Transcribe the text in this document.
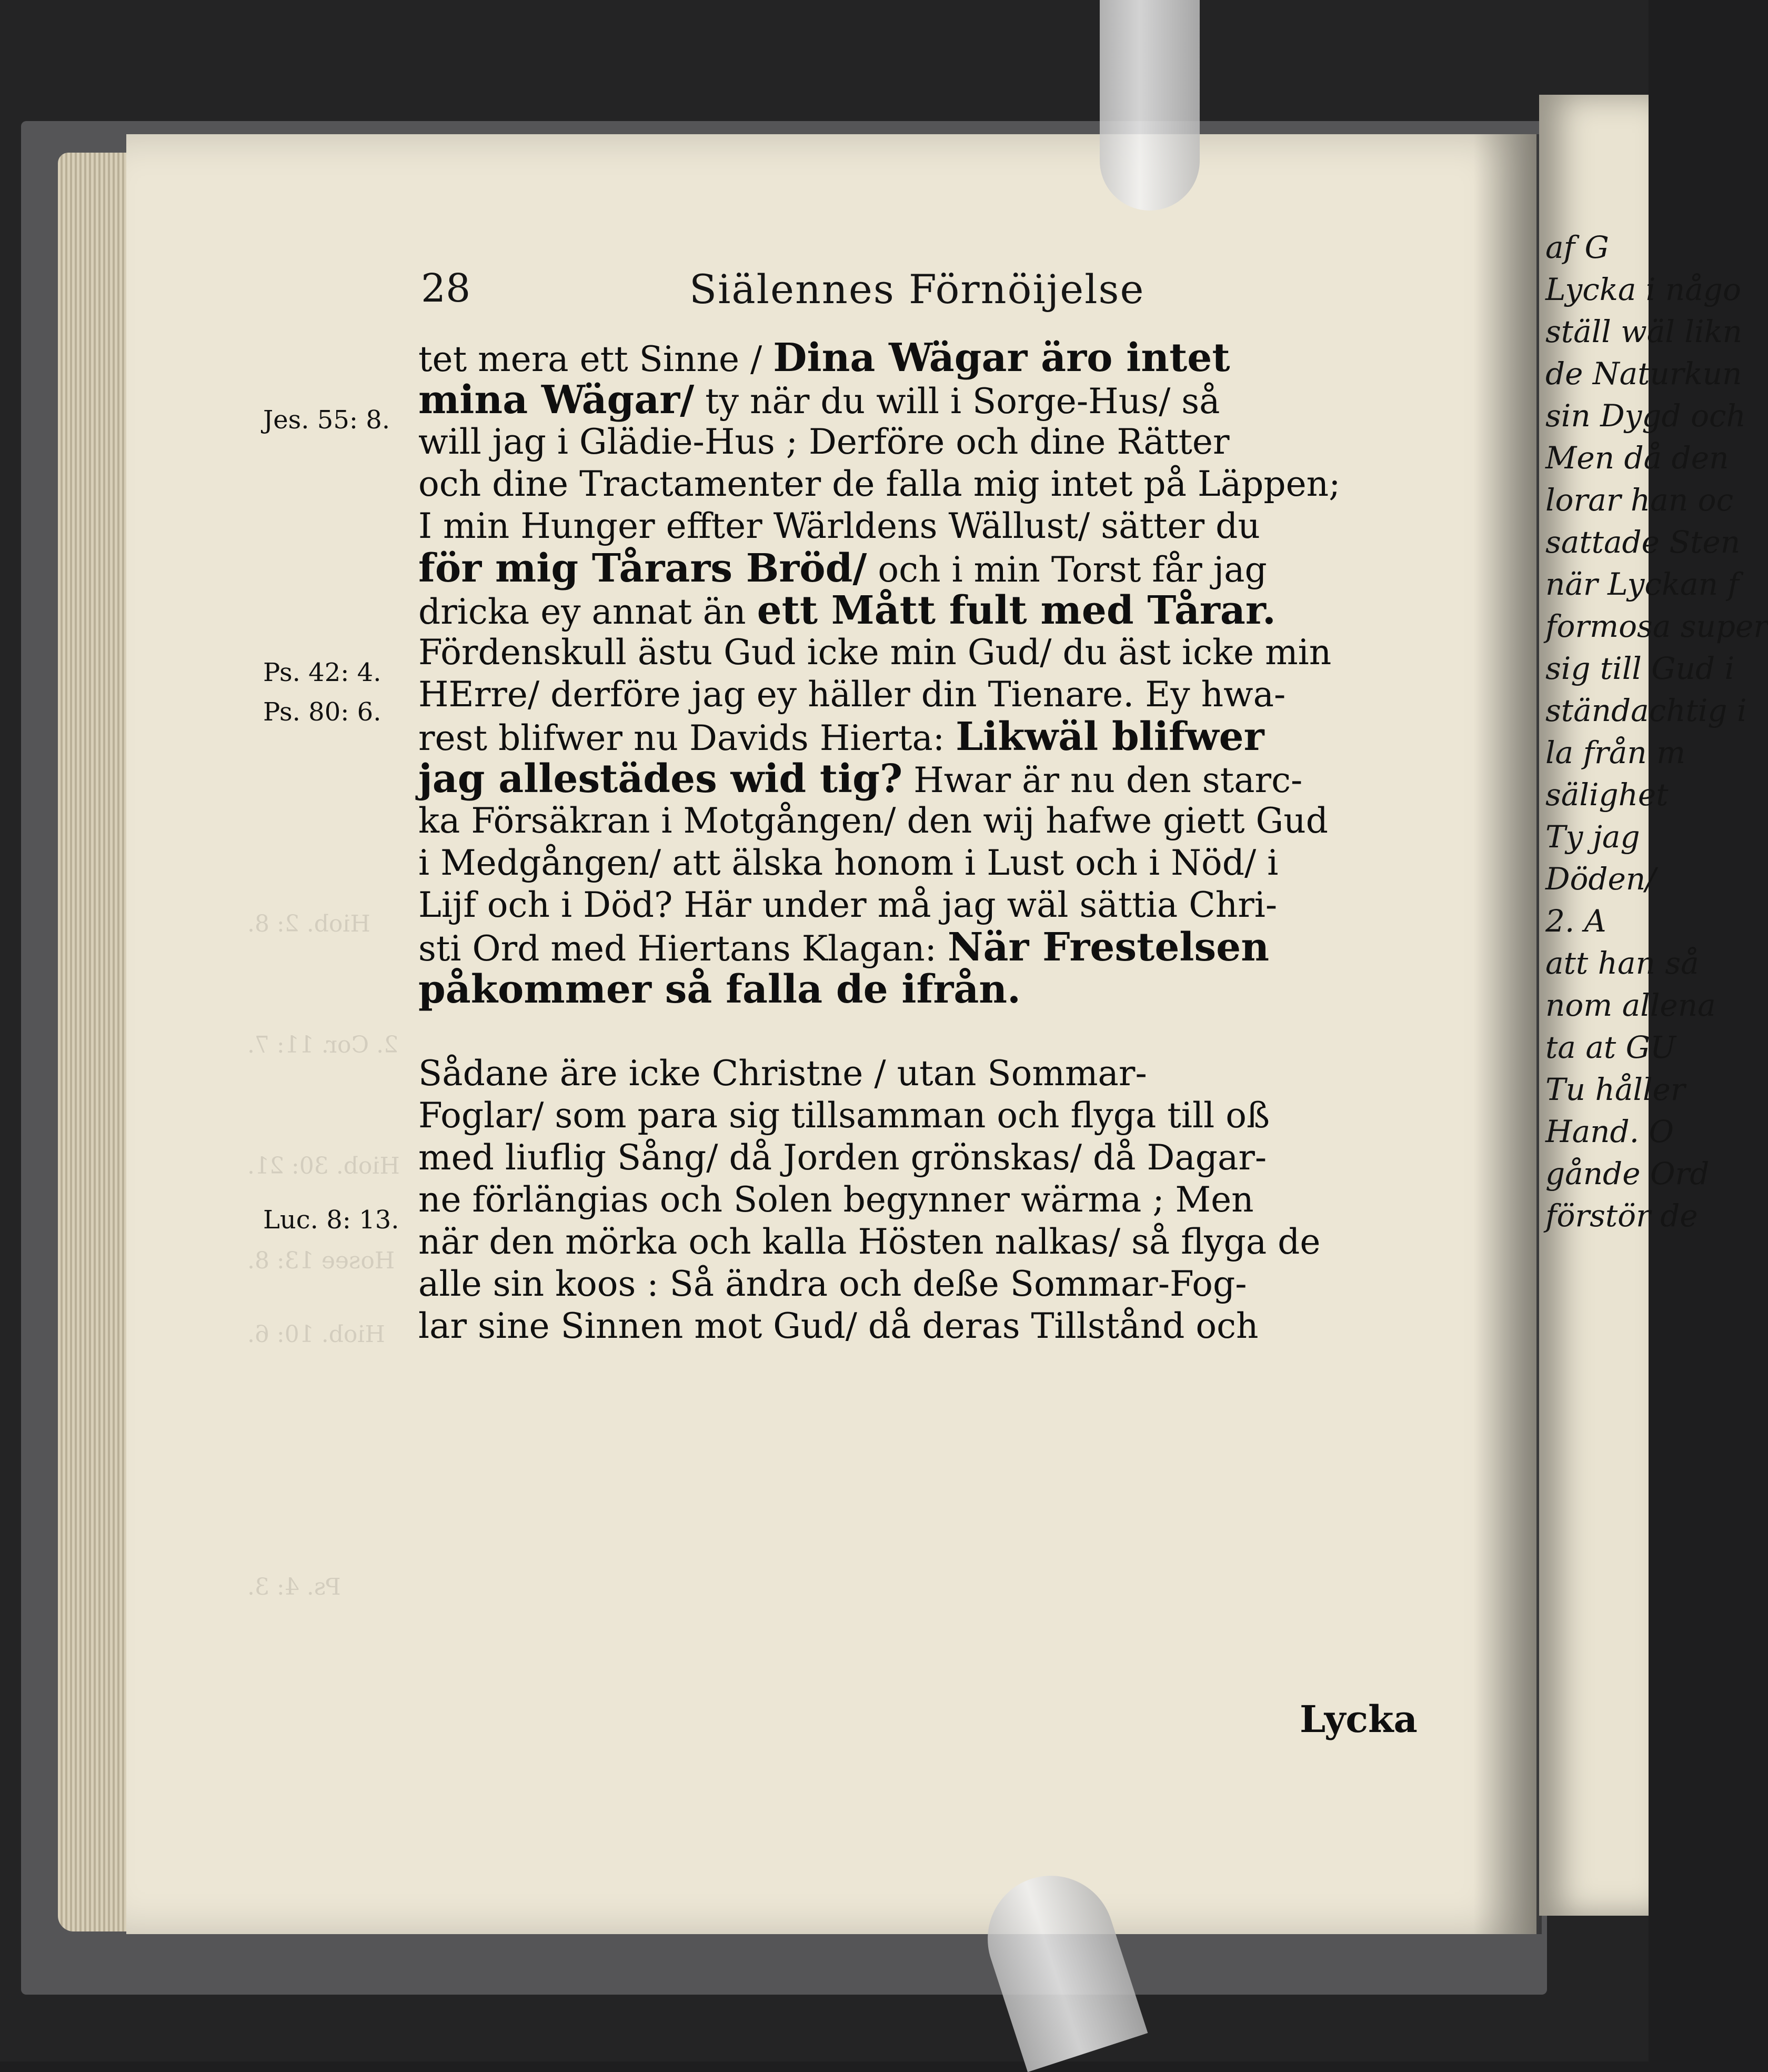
af G
Lycka i någo
ställ wäl likn
de Naturkun
sin Dygd och
Men då den
lorar han oc
sattade Sten
när Lyckan f
formosa super
sig till Gud i
ständachtig i
la från m
sälighet
Ty jag
Döden/
2. A
att han så
nom allena
ta at GU
Tu håller
Hand. O
gånde Ord
förstör de
28	Siälennes Förnöijelse
Jes. 55: 8.
Ps. 42: 4.
Ps. 80: 6.
Luc. 8: 13.
Hiob. 2: 8.
2. Cor. 11: 7.
Hiob. 30: 21.
Hosee 13: 8.
Hiob. 10: 6.
Ps. 4: 3.
tet mera ett Sinne / Dina Wägar äro intet
mina Wägar/ ty när du will i Sorge-Hus/ så
will jag i Glädie-Hus ; Derföre och dine Rätter
och dine Tractamenter de falla mig intet på Läppen;
I min Hunger effter Wärldens Wällust/ sätter du
för mig Tårars Bröd/ och i min Torst får jag
dricka ey annat än ett Mått fult med Tårar.
Fördenskull ästu Gud icke min Gud/ du äst icke min
HErre/ derföre jag ey häller din Tienare. Ey hwa-
rest blifwer nu Davids Hierta: Likwäl blifwer
jag allestädes wid tig? Hwar är nu den starc-
ka Försäkran i Motgången/ den wij hafwe giett Gud
i Medgången/ att älska honom i Lust och i Nöd/ i
Lijf och i Död? Här under må jag wäl sättia Chri-
sti Ord med Hiertans Klagan: När Frestelsen
påkommer så falla de ifrån.
Sådane äre icke Christne / utan Sommar-
Foglar/ som para sig tillsamman och flyga till oß
med liuflig Sång/ då Jorden grönskas/ då Dagar-
ne förlängias och Solen begynner wärma ; Men
när den mörka och kalla Hösten nalkas/ så flyga de
alle sin koos : Så ändra och deße Sommar-Fog-
lar sine Sinnen mot Gud/ då deras Tillstånd och
Lycka
